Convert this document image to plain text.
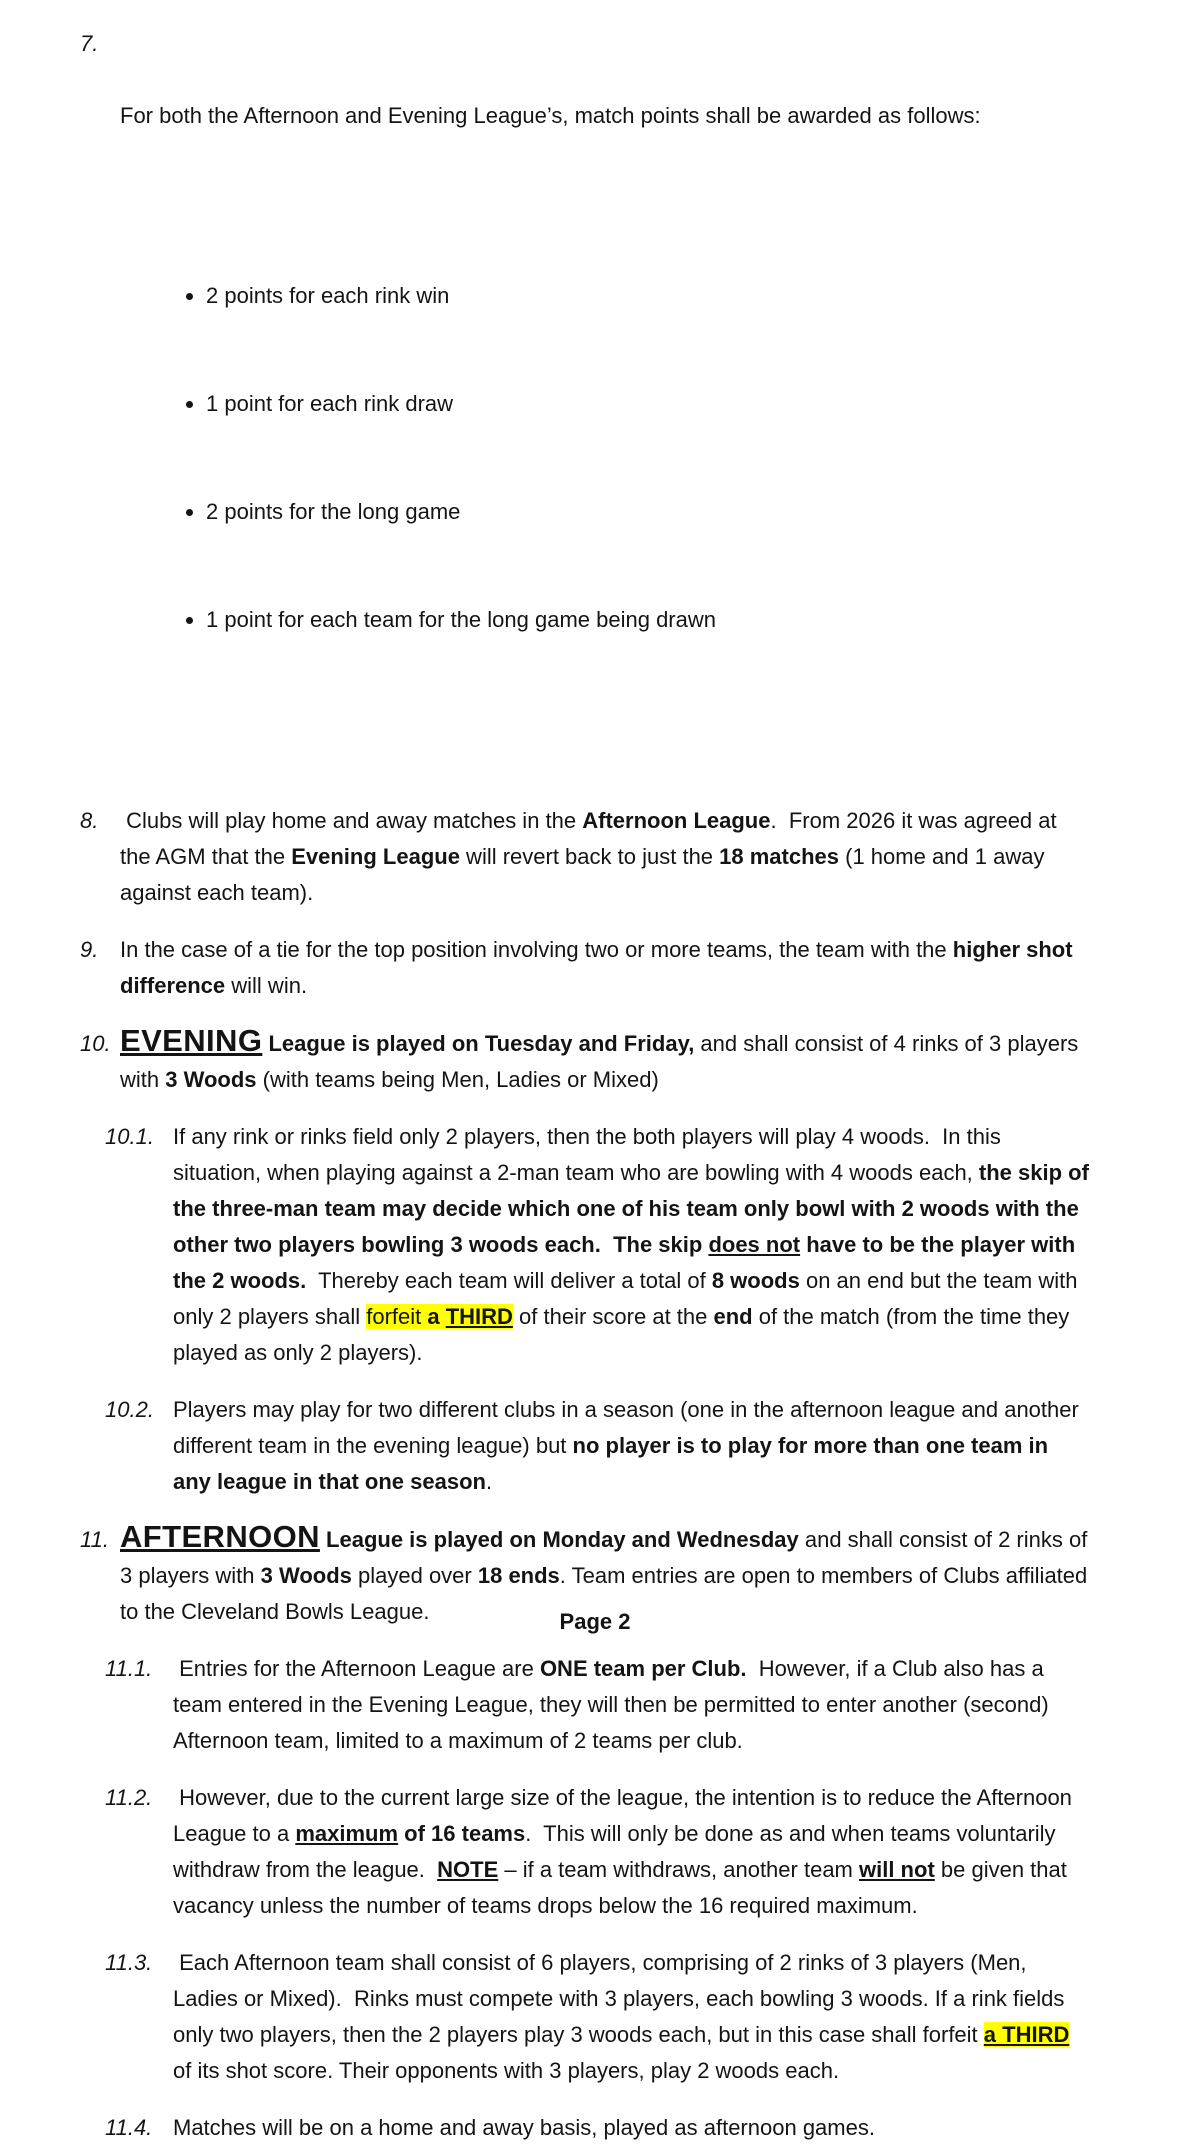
7.

For both the Afternoon and Evening League’s, match points shall be awarded as follows:

• 2 points for each rink win

• 1 point for each rink draw

• 2 points for the long game

• 1 point for each team for the long game being drawn

8. Clubs will play home and away matches in the Afternoon League.  From 2026 it was agreed at the AGM that the Evening League will revert back to just the 18 matches (1 home and 1 away against each team).
9. In the case of a tie for the top position involving two or more teams, the team with the higher shot difference will win.
10. EVENING League is played on Tuesday and Friday, and shall consist of 4 rinks of 3 players with 3 Woods (with teams being Men, Ladies or Mixed)
10.1. If any rink or rinks field only 2 players, then the both players will play 4 woods.  In this situation, when playing against a 2-man team who are bowling with 4 woods each, the skip of the three-man team may decide which one of his team only bowl with 2 woods with the other two players bowling 3 woods each.  The skip does not have to be the player with the 2 woods.  Thereby each team will deliver a total of 8 woods on an end but the team with only 2 players shall forfeit a THIRD of their score at the end of the match (from the time they played as only 2 players).
10.2. Players may play for two different clubs in a season (one in the afternoon league and another different team in the evening league) but no player is to play for more than one team in any league in that one season.
11. AFTERNOON League is played on Monday and Wednesday and shall consist of 2 rinks of 3 players with 3 Woods played over 18 ends. Team entries are open to members of Clubs affiliated to the Cleveland Bowls League.
11.1. Entries for the Afternoon League are ONE team per Club.  However, if a Club also has a   team entered in the Evening League, they will then be permitted to enter another (second) Afternoon team, limited to a maximum of 2 teams per club.
11.2. However, due to the current large size of the league, the intention is to reduce the Afternoon League to a maximum of 16 teams.  This will only be done as and when teams voluntarily withdraw from the league.  NOTE – if a team withdraws, another team will not be given that vacancy unless the number of teams drops below the 16 required maximum.
11.3. Each Afternoon team shall consist of 6 players, comprising of 2 rinks of 3 players (Men, Ladies or Mixed).  Rinks must compete with 3 players, each bowling 3 woods. If a rink fields only two players, then the 2 players play 3 woods each, but in this case shall forfeit a THIRD of its shot score. Their opponents with 3 players, play 2 woods each.
11.4. Matches will be on a home and away basis, played as afternoon games.
Page 2
